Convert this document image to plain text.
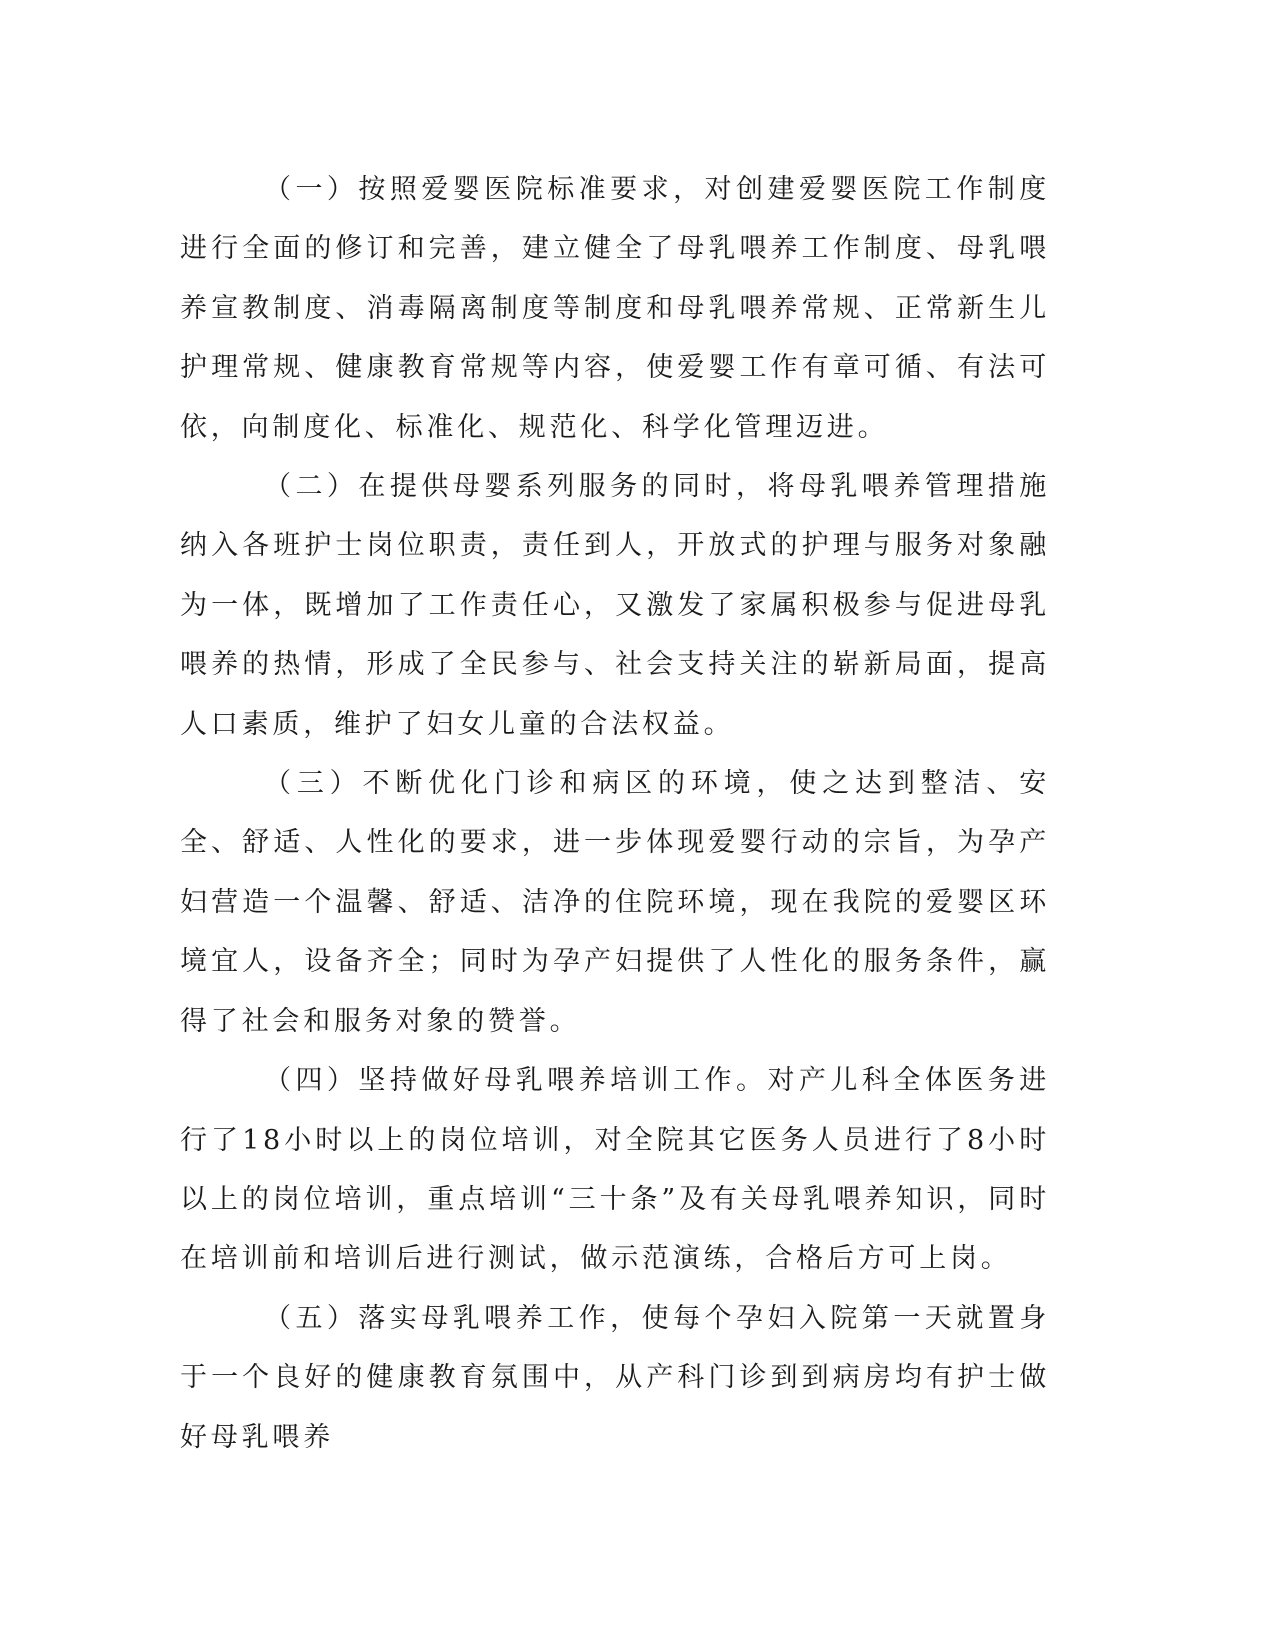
（一）按照爱婴医院标准要求，对创建爱婴医院工作制度进行全面的修订和完善，建立健全了母乳喂养工作制度、母乳喂养宣教制度、消毒隔离制度等制度和母乳喂养常规、正常新生儿护理常规、健康教育常规等内容，使爱婴工作有章可循、有法可依，向制度化、标准化、规范化、科学化管理迈进。

（二）在提供母婴系列服务的同时，将母乳喂养管理措施纳入各班护士岗位职责，责任到人，开放式的护理与服务对象融为一体，既增加了工作责任心，又激发了家属积极参与促进母乳喂养的热情，形成了全民参与、社会支持关注的崭新局面，提高人口素质，维护了妇女儿童的合法权益。

（三）不断优化门诊和病区的环境，使之达到整洁、安全、舒适、人性化的要求，进一步体现爱婴行动的宗旨，为孕产妇营造一个温馨、舒适、洁净的住院环境，现在我院的爱婴区环境宜人，设备齐全；同时为孕产妇提供了人性化的服务条件，赢得了社会和服务对象的赞誉。

（四）坚持做好母乳喂养培训工作。对产儿科全体医务进行了18小时以上的岗位培训，对全院其它医务人员进行了8小时以上的岗位培训，重点培训“三十条”及有关母乳喂养知识，同时在培训前和培训后进行测试，做示范演练，合格后方可上岗。

（五）落实母乳喂养工作，使每个孕妇入院第一天就置身于一个良好的健康教育氛围中，从产科门诊到到病房均有护士做好母乳喂养
